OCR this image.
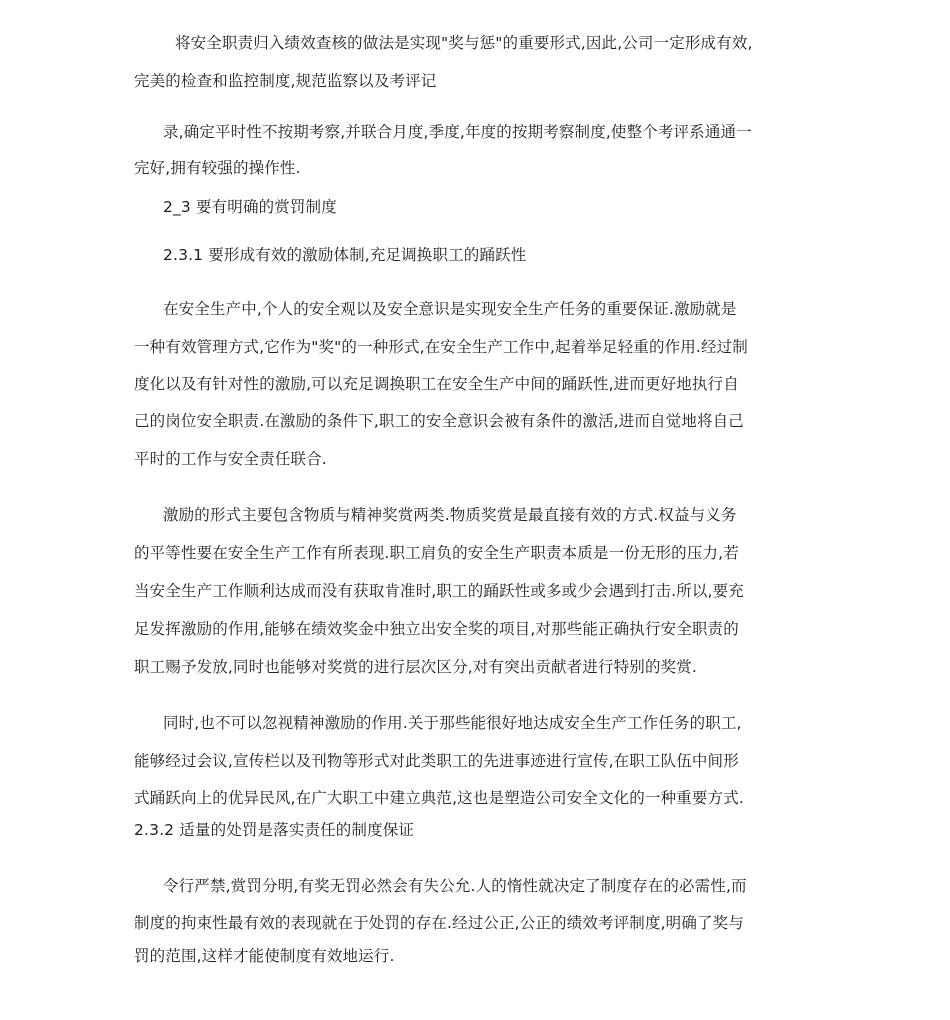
将安全职责归入绩效查核的做法是实现"奖与惩"的重要形式,因此,公司一定形成有效,
完美的检查和监控制度,规范监察以及考评记
录,确定平时性不按期考察,并联合月度,季度,年度的按期考察制度,使整个考评系通通一
完好,拥有较强的操作性.
2_3 要有明确的赏罚制度
2.3.1 要形成有效的激励体制,充足调换职工的踊跃性
在安全生产中,个人的安全观以及安全意识是实现安全生产任务的重要保证.激励就是
一种有效管理方式,它作为"奖"的一种形式,在安全生产工作中,起着举足轻重的作用.经过制
度化以及有针对性的激励,可以充足调换职工在安全生产中间的踊跃性,进而更好地执行自
己的岗位安全职责.在激励的条件下,职工的安全意识会被有条件的激活,进而自觉地将自己
平时的工作与安全责任联合.
激励的形式主要包含物质与精神奖赏两类.物质奖赏是最直接有效的方式.权益与义务
的平等性要在安全生产工作有所表现.职工肩负的安全生产职责本质是一份无形的压力,若
当安全生产工作顺利达成而没有获取肯准时,职工的踊跃性或多或少会遇到打击.所以,要充
足发挥激励的作用,能够在绩效奖金中独立出安全奖的项目,对那些能正确执行安全职责的
职工赐予发放,同时也能够对奖赏的进行层次区分,对有突出贡献者进行特别的奖赏.
同时,也不可以忽视精神激励的作用.关于那些能很好地达成安全生产工作任务的职工,
能够经过会议,宣传栏以及刊物等形式对此类职工的先进事迹进行宣传,在职工队伍中间形
式踊跃向上的优异民风,在广大职工中建立典范,这也是塑造公司安全文化的一种重要方式.
2.3.2 适量的处罚是落实责任的制度保证
令行严禁,赏罚分明,有奖无罚必然会有失公允.人的惰性就决定了制度存在的必需性,而
制度的拘束性最有效的表现就在于处罚的存在.经过公正,公正的绩效考评制度,明确了奖与
罚的范围,这样才能使制度有效地运行.
